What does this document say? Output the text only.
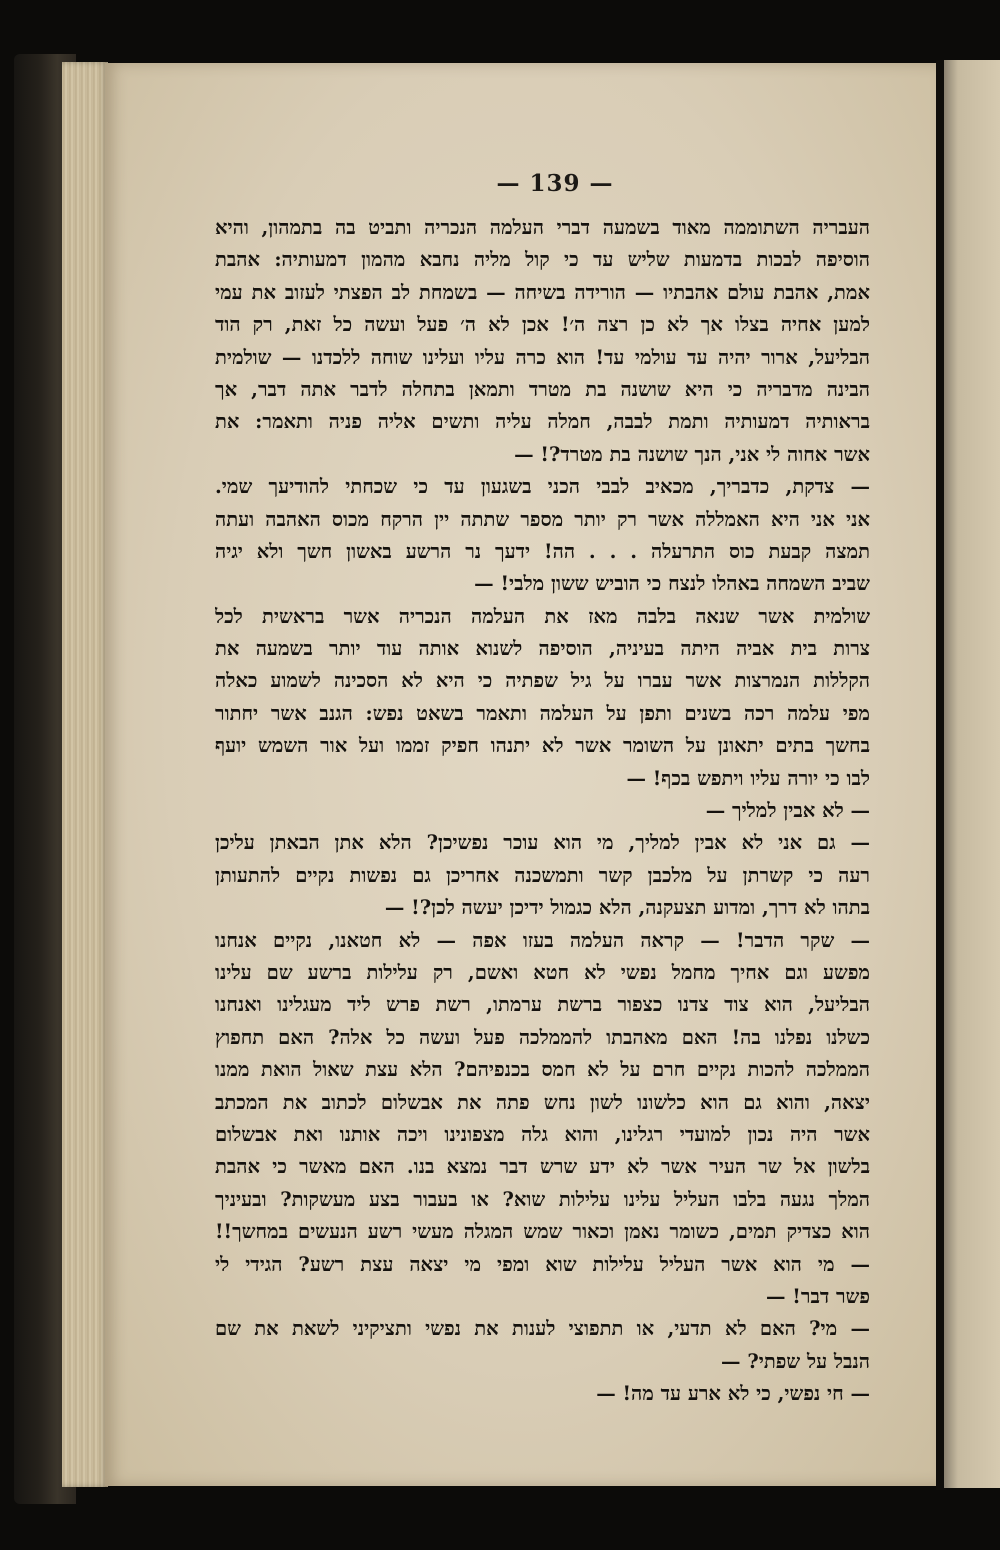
— 139 —
העבריה השתוממה מאוד בשמעה דברי העלמה הנכריה ותביט בה בתמהון, והיא
הוסיפה לבכות בדמעות שליש עד כי קול מליה נחבא מהמון דמעותיה: אהבת
אמת, אהבת עולם אהבתיו — הורידה בשיחה — בשמחת לב הפצתי לעזוב את עמי
למען אחיה בצלו אך לא כן רצה ה׳! אכן לא ה׳ פעל ועשה כל זאת, רק הוד
הבליעל, ארור יהיה עד עולמי עד! הוא כרה עליו ועלינו שוחה ללכדנו — שולמית
הבינה מדבריה כי היא שושנה בת מטרד ותמאן בתחלה לדבר אתה דבר, אך
בראותיה דמעותיה ותמת לבבה, חמלה עליה ותשים אליה פניה ותאמר: את
אשר אחוה לי אני, הנך שושנה בת מטרד?! —
— צדקת, כדבריך, מכאיב לבבי הכני בשגעון עד כי שכחתי להודיעך שמי.
אני אני היא האמללה אשר רק יותר מספר שתתה יין הרקח מכוס האהבה ועתה
תמצה קבעת כוס התרעלה . . . הה! ידעך נר הרשע באשון חשך ולא יגיה
שביב השמחה באהלו לנצח כי הוביש ששון מלבי! —
שולמית אשר שנאה בלבה מאז את העלמה הנכריה אשר בראשית לכל
צרות בית אביה היתה בעיניה, הוסיפה לשנוא אותה עוד יותר בשמעה את
הקללות הנמרצות אשר עברו על גיל שפתיה כי היא לא הסכינה לשמוע כאלה
מפי עלמה רכה בשנים ותפן על העלמה ותאמר בשאט נפש: הגנב אשר יחתור
בחשך בתים יתאונן על השומר אשר לא יתנהו חפיק זממו ועל אור השמש יועף
לבו כי יורה עליו ויתפש בכף! —
— לא אבין למליך —
— גם אני לא אבין למליך, מי הוא עוכר נפשיכן? הלא אתן הבאתן עליכן
רעה כי קשרתן על מלכבן קשר ותמשכנה אחריכן גם נפשות נקיים להתעותן
בתהו לא דרך, ומדוע תצעקנה, הלא כגמול ידיכן יעשה לכן?! —
— שקר הדבר! — קראה העלמה בעזו אפה — לא חטאנו, נקיים אנחנו
מפשע וגם אחיך מחמל נפשי לא חטא ואשם, רק עלילות ברשע שם עלינו
הבליעל, הוא צוד צדנו כצפור ברשת ערמתו, רשת פרש ליד מעגלינו ואנחנו
כשלנו נפלנו בה! האם מאהבתו להממלכה פעל ועשה כל אלה? האם תחפוץ
הממלכה להכות נקיים חרם על לא חמס בכנפיהם? הלא עצת שאול הואת ממנו
יצאה, והוא גם הוא כלשונו לשון נחש פתה את אבשלום לכתוב את המכתב
אשר היה נכון למועדי רגלינו, והוא גלה מצפונינו ויכה אותנו ואת אבשלום
בלשון אל שר העיר אשר לא ידע שרש דבר נמצא בנו. האם מאשר כי אהבת
המלך נגעה בלבו העליל עלינו עלילות שוא? או בעבור בצע מעשקות? ובעיניך
הוא כצדיק תמים, כשומר נאמן וכאור שמש המגלה מעשי רשע הנעשים במחשך!!
— מי הוא אשר העליל עלילות שוא ומפי מי יצאה עצת רשע? הגידי לי
פשר דבר! —
— מי? האם לא תדעי, או תתפוצי לענות את נפשי ותציקיני לשאת את שם
הנבל על שפתי? —
— חי נפשי, כי לא ארע עד מה! —
